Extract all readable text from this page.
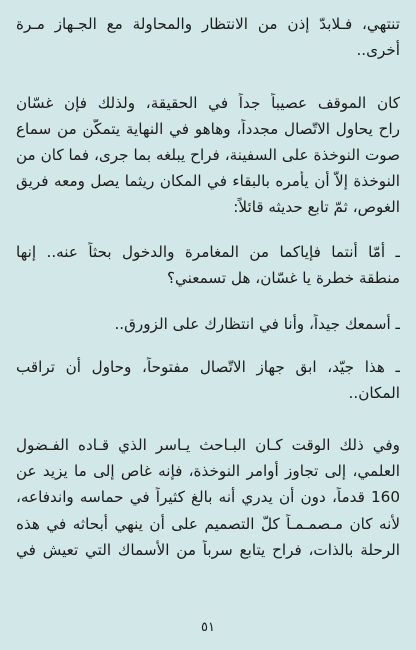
تنتهي، فـلابدّ إذن من الانتظار والمحاولة مع الجـهاز مـرة
أخرى..
كان الموقف عصيباً جداً في الحقيقة، ولذلك فإن غسّان
راح يحاول الاتّصال مجدداً، وهاهو في النهاية يتمكّن من سماع
صوت النوخذة على السفينة، فراح يبلغه بما جرى، فما كان من
النوخذة إلاّ أن يأمره بالبقاء في المكان ريثما يصل ومعه فريق
الغوص، ثمّ تابع حديثه قائلاً:
ـ أمّا أنتما فإياكما من المغامرة والدخول بحثاً عنه.. إنها
منطقة خطرة يا غسّان، هل تسمعني؟
ـ أسمعك جيداً، وأنا في انتظارك على الزورق..
ـ هذا جيّد، ابق جهاز الاتّصال مفتوحاً، وحاول أن تراقب
المكان..
وفي ذلك الوقت كـان البـاحث يـاسر الذي قـاده الفـضول
العلمي، إلى تجاوز أوامر النوخذة، فإنه غاص إلى ما يزيد عن
160 قدماً، دون أن يدري أنه بالغ كثيراً في حماسه واندفاعه،
لأنه كان مـصمـمـاً كلّ التصميم على أن ينهي أبحاثه في هذه
الرحلة بالذات، فراح يتابع سرباً من الأسماك التي تعيش في
٥١
